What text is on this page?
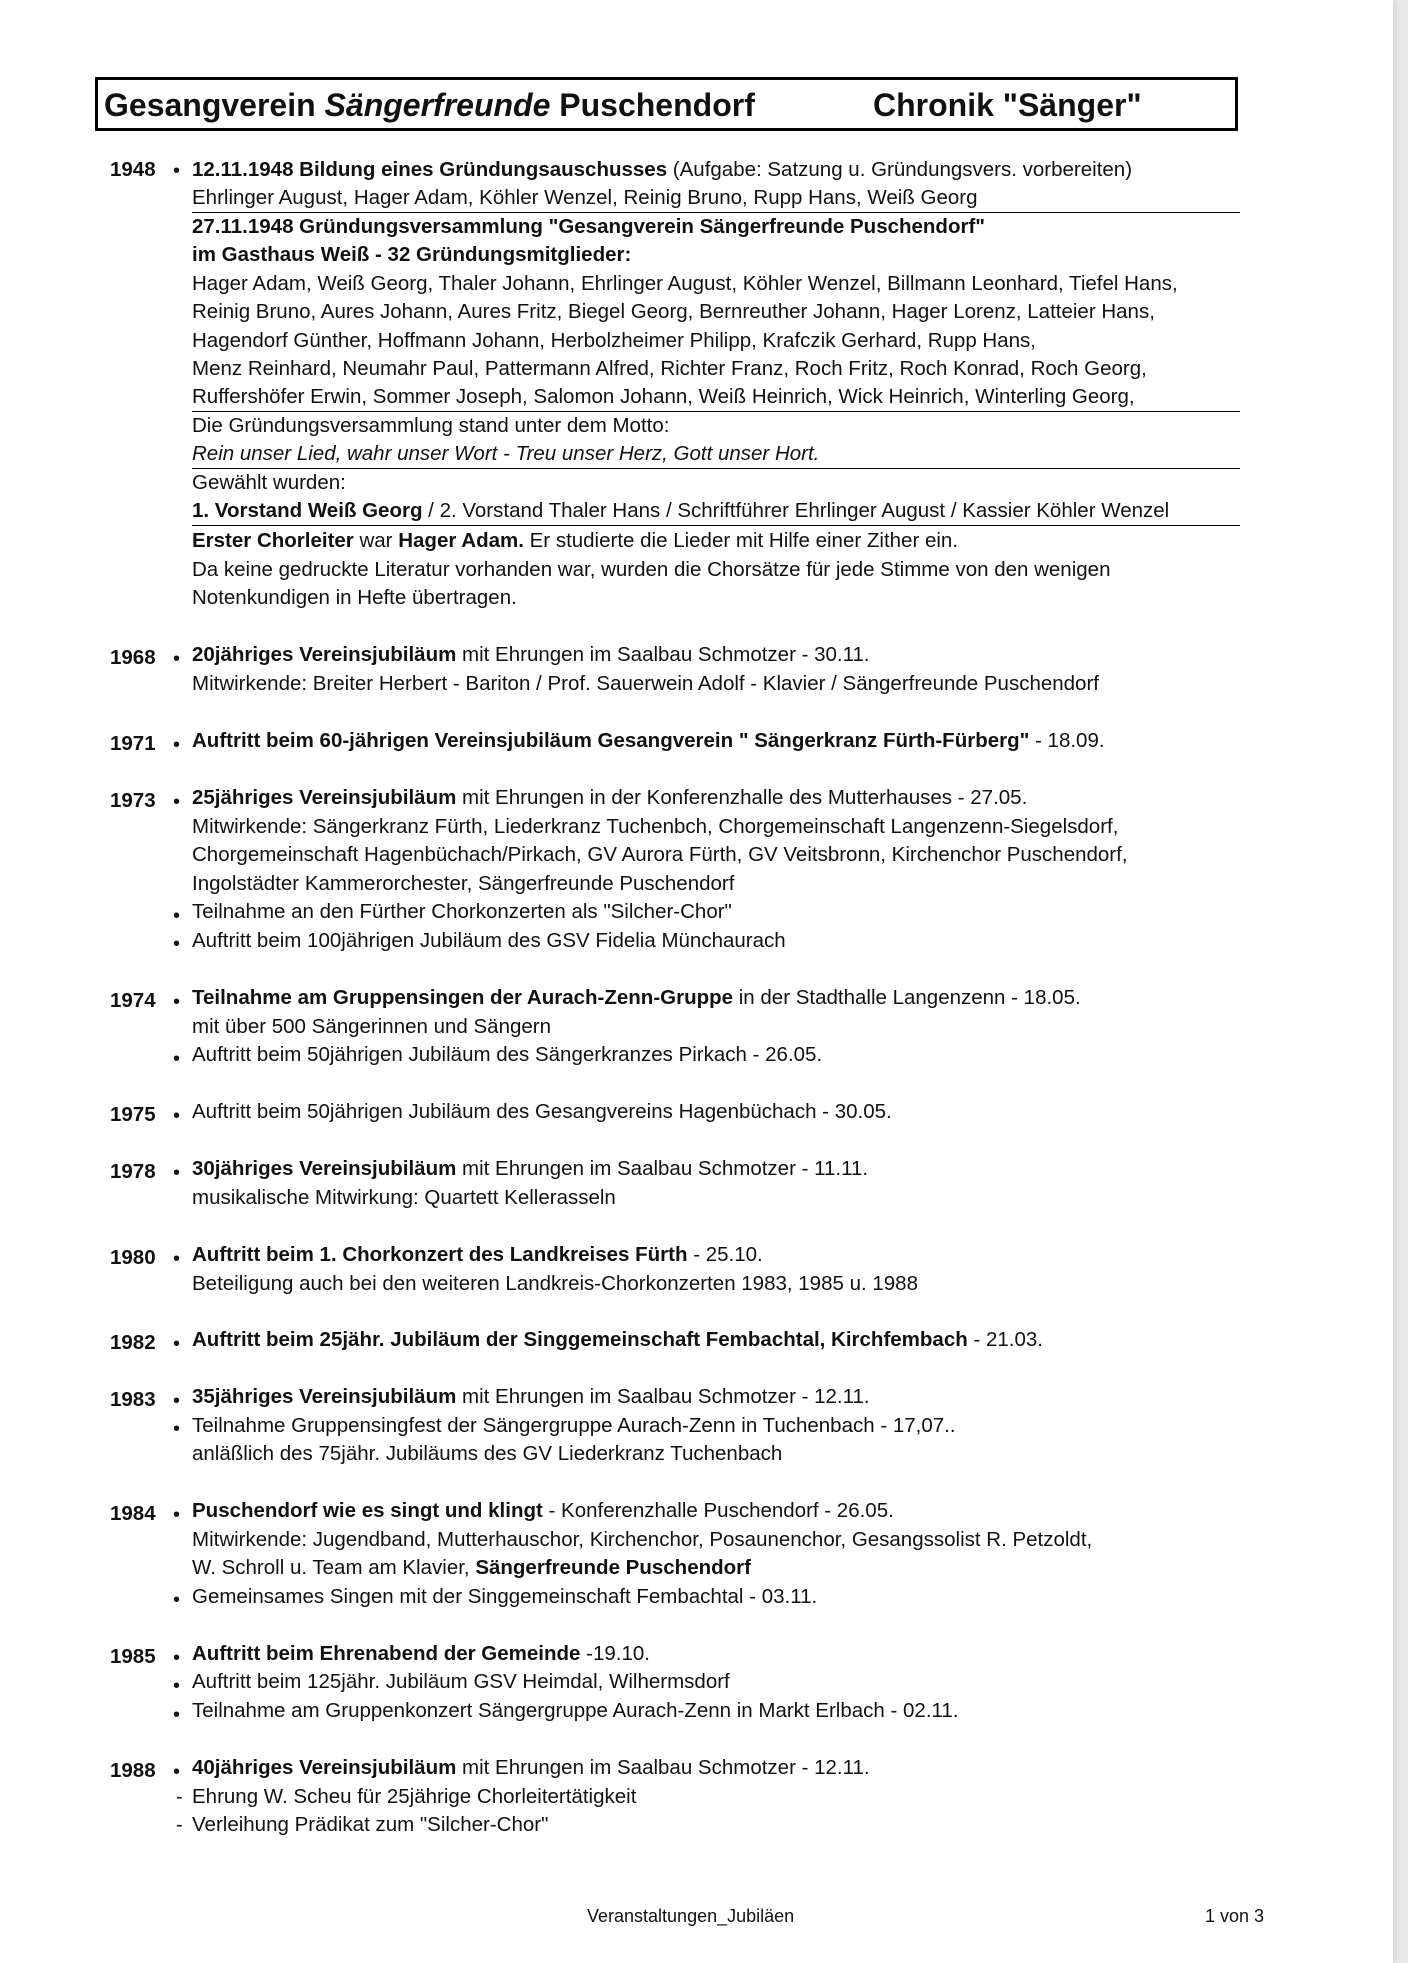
Gesangverein Sängerfreunde Puschendorf	Chronik "Sänger"
1948 • 12.11.1948 Bildung eines Gründungsauschusses (Aufgabe: Satzung u. Gründungsvers. vorbereiten)
Ehrlinger August, Hager Adam, Köhler Wenzel, Reinig Bruno, Rupp Hans, Weiß Georg
27.11.1948 Gründungsversammlung "Gesangverein Sängerfreunde Puschendorf"
im Gasthaus Weiß - 32 Gründungsmitglieder:
Hager Adam, Weiß Georg, Thaler Johann, Ehrlinger August, Köhler Wenzel, Billmann Leonhard, Tiefel Hans,
Reinig Bruno, Aures Johann, Aures Fritz, Biegel Georg, Bernreuther Johann, Hager Lorenz, Latteier Hans,
Hagendorf Günther, Hoffmann Johann, Herbolzheimer Philipp, Krafczik Gerhard, Rupp Hans,
Menz Reinhard, Neumahr Paul, Pattermann Alfred, Richter Franz, Roch Fritz, Roch Konrad, Roch Georg,
Ruffershöfer Erwin, Sommer Joseph, Salomon Johann, Weiß Heinrich, Wick Heinrich, Winterling Georg,
Die Gründungsversammlung stand unter dem Motto:
Rein unser Lied, wahr unser Wort - Treu unser Herz, Gott unser Hort.
Gewählt wurden:
1. Vorstand Weiß Georg / 2. Vorstand Thaler Hans / Schriftführer Ehrlinger August / Kassier Köhler Wenzel
Erster Chorleiter war Hager Adam. Er studierte die Lieder mit Hilfe einer Zither ein.
Da keine gedruckte Literatur vorhanden war, wurden die Chorsätze für jede Stimme von den wenigen
Notenkundigen in Hefte übertragen.
1968 • 20jähriges Vereinsjubiläum mit Ehrungen im Saalbau Schmotzer - 30.11.
Mitwirkende: Breiter Herbert - Bariton / Prof. Sauerwein Adolf - Klavier / Sängerfreunde Puschendorf
1971 • Auftritt beim 60-jährigen Vereinsjubiläum Gesangverein " Sängerkranz Fürth-Fürberg" - 18.09.
1973 • 25jähriges Vereinsjubiläum mit Ehrungen in der Konferenzhalle des Mutterhauses - 27.05.
Mitwirkende: Sängerkranz Fürth, Liederkranz Tuchenbch, Chorgemeinschaft Langenzenn-Siegelsdorf,
Chorgemeinschaft Hagenbüchach/Pirkach, GV Aurora Fürth, GV Veitsbronn, Kirchenchor Puschendorf,
Ingolstädter Kammerorchester, Sängerfreunde Puschendorf
• Teilnahme an den Fürther Chorkonzerten als "Silcher-Chor"
• Auftritt beim 100jährigen Jubiläum des GSV Fidelia Münchaurach
1974 • Teilnahme am Gruppensingen der Aurach-Zenn-Gruppe in der Stadthalle Langenzenn - 18.05.
mit über 500 Sängerinnen und Sängern
• Auftritt beim 50jährigen Jubiläum des Sängerkranzes Pirkach - 26.05.
1975 • Auftritt beim 50jährigen Jubiläum des Gesangvereins Hagenbüchach - 30.05.
1978 • 30jähriges Vereinsjubiläum mit Ehrungen im Saalbau Schmotzer - 11.11.
musikalische Mitwirkung: Quartett Kellerasseln
1980 • Auftritt beim 1. Chorkonzert des Landkreises Fürth - 25.10.
Beteiligung auch bei den weiteren Landkreis-Chorkonzerten 1983, 1985 u. 1988
1982 • Auftritt beim 25jähr. Jubiläum der Singgemeinschaft Fembachtal, Kirchfembach - 21.03.
1983 • 35jähriges Vereinsjubiläum mit Ehrungen im Saalbau Schmotzer - 12.11.
• Teilnahme Gruppensingfest der Sängergruppe Aurach-Zenn in Tuchenbach - 17,07..
anläßlich des 75jähr. Jubiläums des GV Liederkranz Tuchenbach
1984 • Puschendorf wie es singt und klingt - Konferenzhalle Puschendorf - 26.05.
Mitwirkende: Jugendband, Mutterhauschor, Kirchenchor, Posaunenchor, Gesangssolist R. Petzoldt,
W. Schroll u. Team am Klavier, Sängerfreunde Puschendorf
• Gemeinsames Singen mit der Singgemeinschaft Fembachtal - 03.11.
1985 • Auftritt beim Ehrenabend der Gemeinde -19.10.
• Auftritt beim 125jähr. Jubiläum GSV Heimdal, Wilhermsdorf
• Teilnahme am Gruppenkonzert Sängergruppe Aurach-Zenn in Markt Erlbach - 02.11.
1988 • 40jähriges Vereinsjubiläum mit Ehrungen im Saalbau Schmotzer - 12.11.
- Ehrung W. Scheu für 25jährige Chorleitertätigkeit
- Verleihung Prädikat zum "Silcher-Chor"
Veranstaltungen_Jubiläen	1 von 3
